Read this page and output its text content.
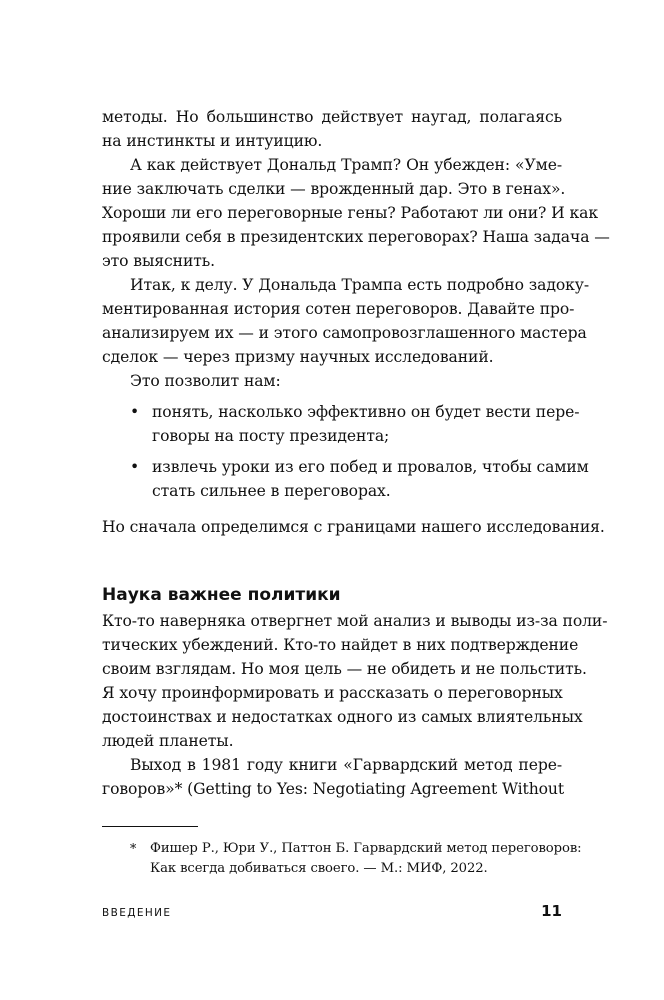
методы. Но большинство действует наугад, полагаясь
на инстинкты и интуицию.
А как действует Дональд Трамп? Он убежден: «Уме-
ние заключать сделки — врожденный дар. Это в генах».
Хороши ли его переговорные гены? Работают ли они? И как
проявили себя в президентских переговорах? Наша задача —
это выяснить.
Итак, к делу. У Дональда Трампа есть подробно задоку-
ментированная история сотен переговоров. Давайте про-
анализируем их — и этого самопровозглашенного мастера
сделок — через призму научных исследований.
Это позволит нам:
• понять, насколько эффективно он будет вести пере-
говоры на посту президента;
• извлечь уроки из его побед и провалов, чтобы самим
стать сильнее в переговорах.
Но сначала определимся с границами нашего исследования.
Наука важнее политики
Кто-то наверняка отвергнет мой анализ и выводы из-за поли-
тических убеждений. Кто-то найдет в них подтверждение
своим взглядам. Но моя цель — не обидеть и не польстить.
Я хочу проинформировать и рассказать о переговорных
достоинствах и недостатках одного из самых влиятельных
людей планеты.
Выход в 1981 году книги «Гарвардский метод пере-
говоров»* (Getting to Yes: Negotiating Agreement Without
* Фишер Р., Юри У., Паттон Б. Гарвардский метод переговоров:
Как всегда добиваться своего. — М.: МИФ, 2022.
ВВЕДЕНИЕ	11
